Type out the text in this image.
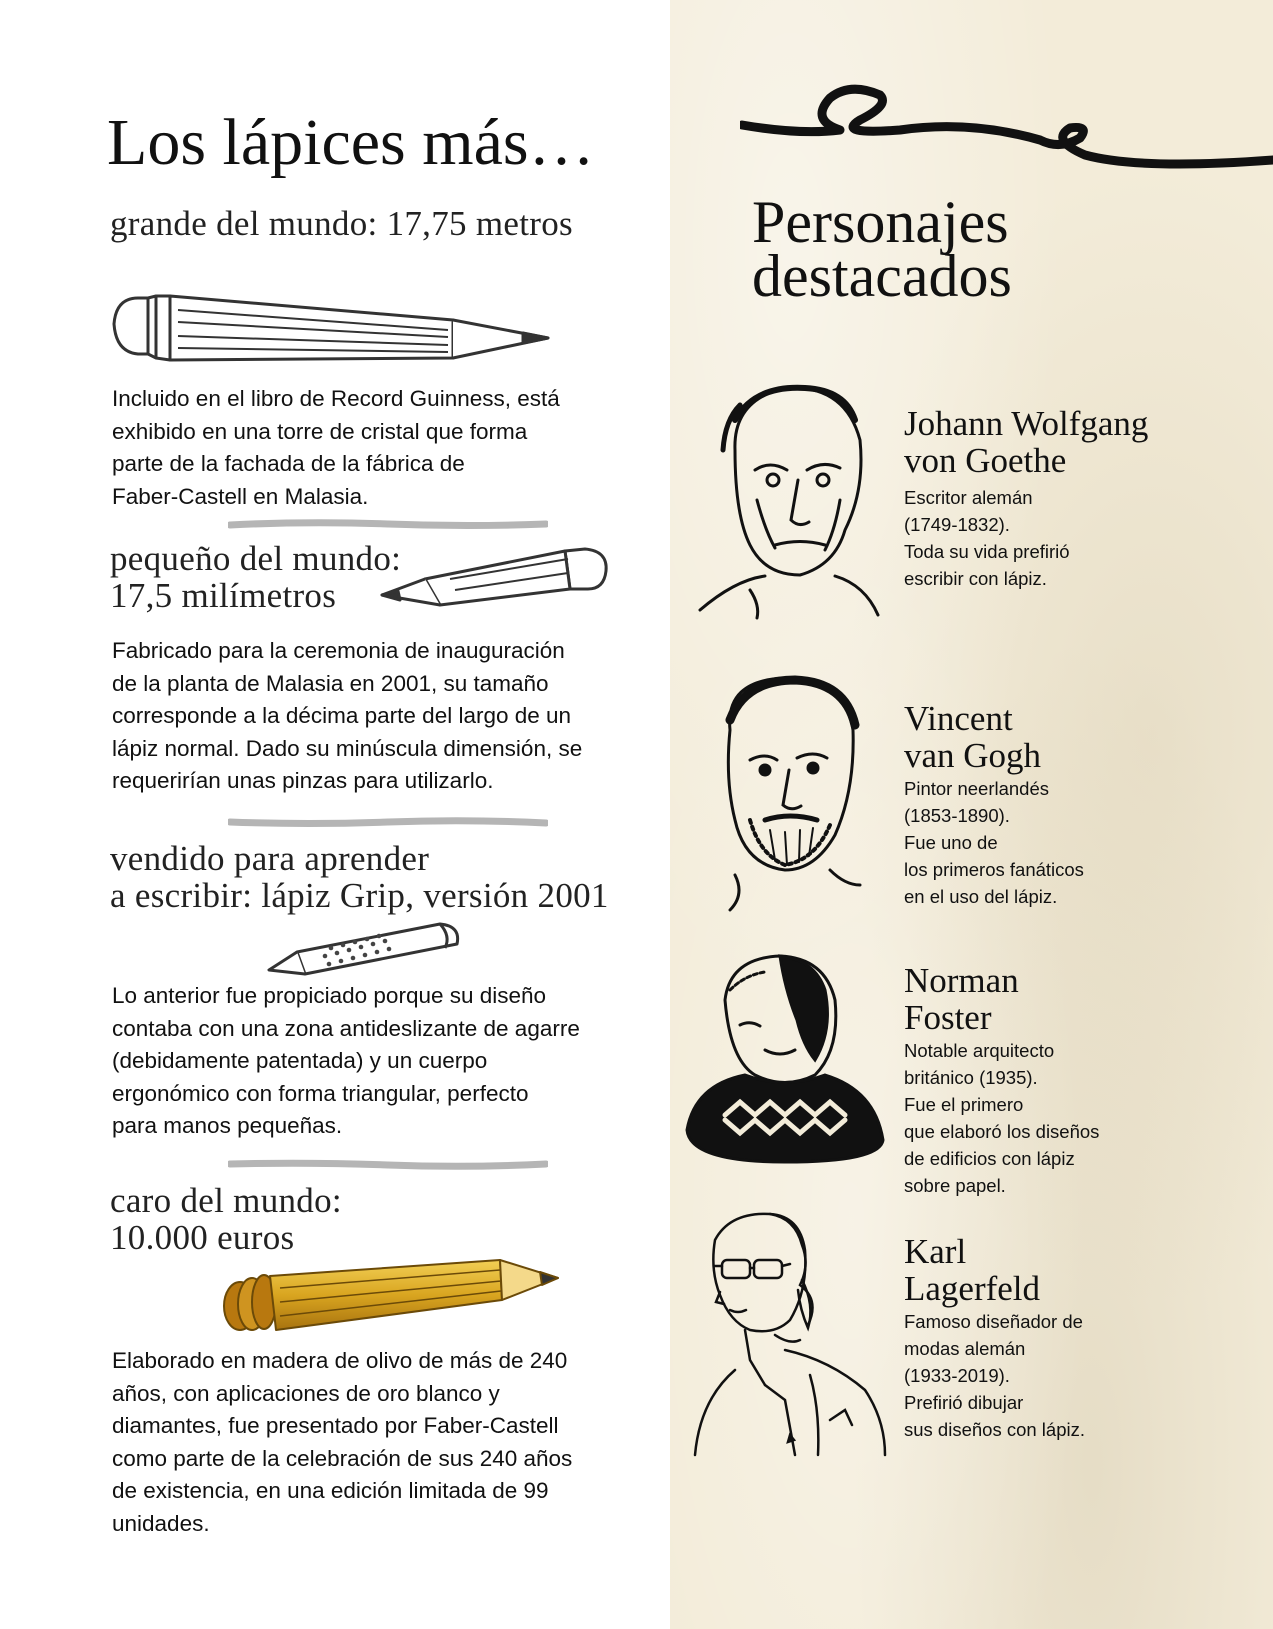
Los lápices más…
grande del mundo: 17,75 metros

Incluido en el libro de Record Guinness, está
exhibido en una torre de cristal que forma
parte de la fachada de la fábrica de
Faber-Castell en Malasia.

pequeño del mundo:
17,5 milímetros

Fabricado para la ceremonia de inauguración
de la planta de Malasia en 2001, su tamaño
corresponde a la décima parte del largo de un
lápiz normal. Dado su minúscula dimensión, se
requerirían unas pinzas para utilizarlo.

vendido para aprender
a escribir: lápiz Grip, versión 2001

Lo anterior fue propiciado porque su diseño
contaba con una zona antideslizante de agarre
(debidamente patentada) y un cuerpo
ergonómico con forma triangular, perfecto
para manos pequeñas.

caro del mundo:
10.000 euros

Elaborado en madera de olivo de más de 240
años, con aplicaciones de oro blanco y
diamantes, fue presentado por Faber-Castell
como parte de la celebración de sus 240 años
de existencia, en una edición limitada de 99
unidades.

Personajes
destacados
Johann Wolfgang
von Goethe

Escritor alemán
(1749-1832).
Toda su vida prefirió
escribir con lápiz.

Vincent
van Gogh

Pintor neerlandés
(1853-1890).
Fue uno de
los primeros fanáticos
en el uso del lápiz.

Norman
Foster

Notable arquitecto
británico (1935).
Fue el primero
que elaboró los diseños
de edificios con lápiz
sobre papel.

Karl
Lagerfeld

Famoso diseñador de
modas alemán
(1933-2019).
Prefirió dibujar
sus diseños con lápiz.
